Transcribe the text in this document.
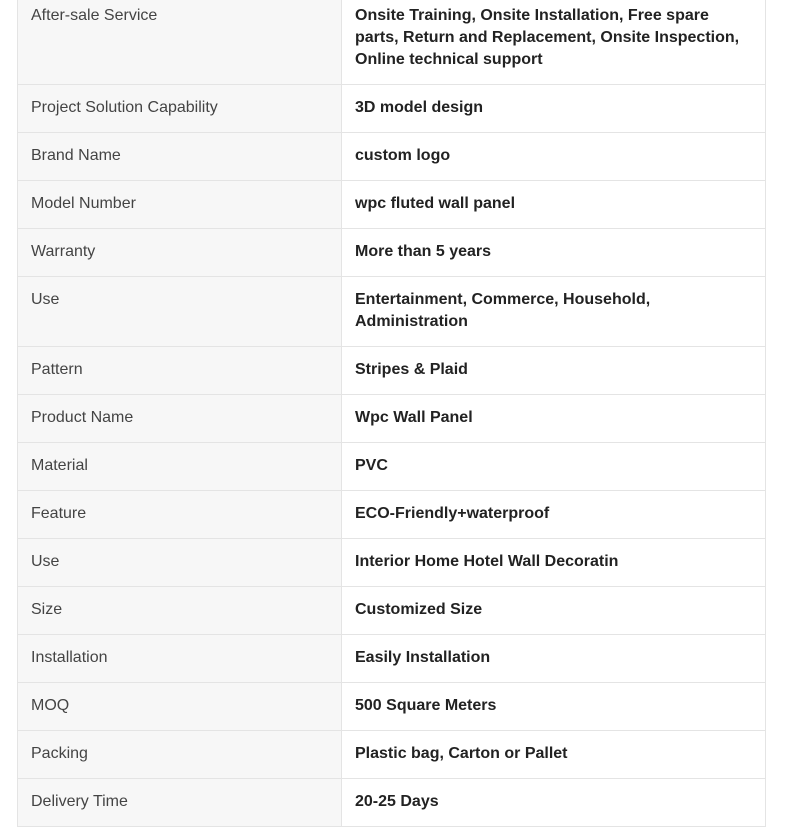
After-sale Service	Onsite Training, Onsite Installation, Free spare parts, Return and Replacement, Onsite Inspection, Online technical support
Project Solution Capability	3D model design
Brand Name	custom logo
Model Number	wpc fluted wall panel
Warranty	More than 5 years
Use	Entertainment, Commerce, Household, Administration
Pattern	Stripes & Plaid
Product Name	Wpc Wall Panel
Material	PVC
Feature	ECO-Friendly+waterproof
Use	Interior Home Hotel Wall Decoratin
Size	Customized Size
Installation	Easily Installation
MOQ	500 Square Meters
Packing	Plastic bag, Carton or Pallet
Delivery Time	20-25 Days
